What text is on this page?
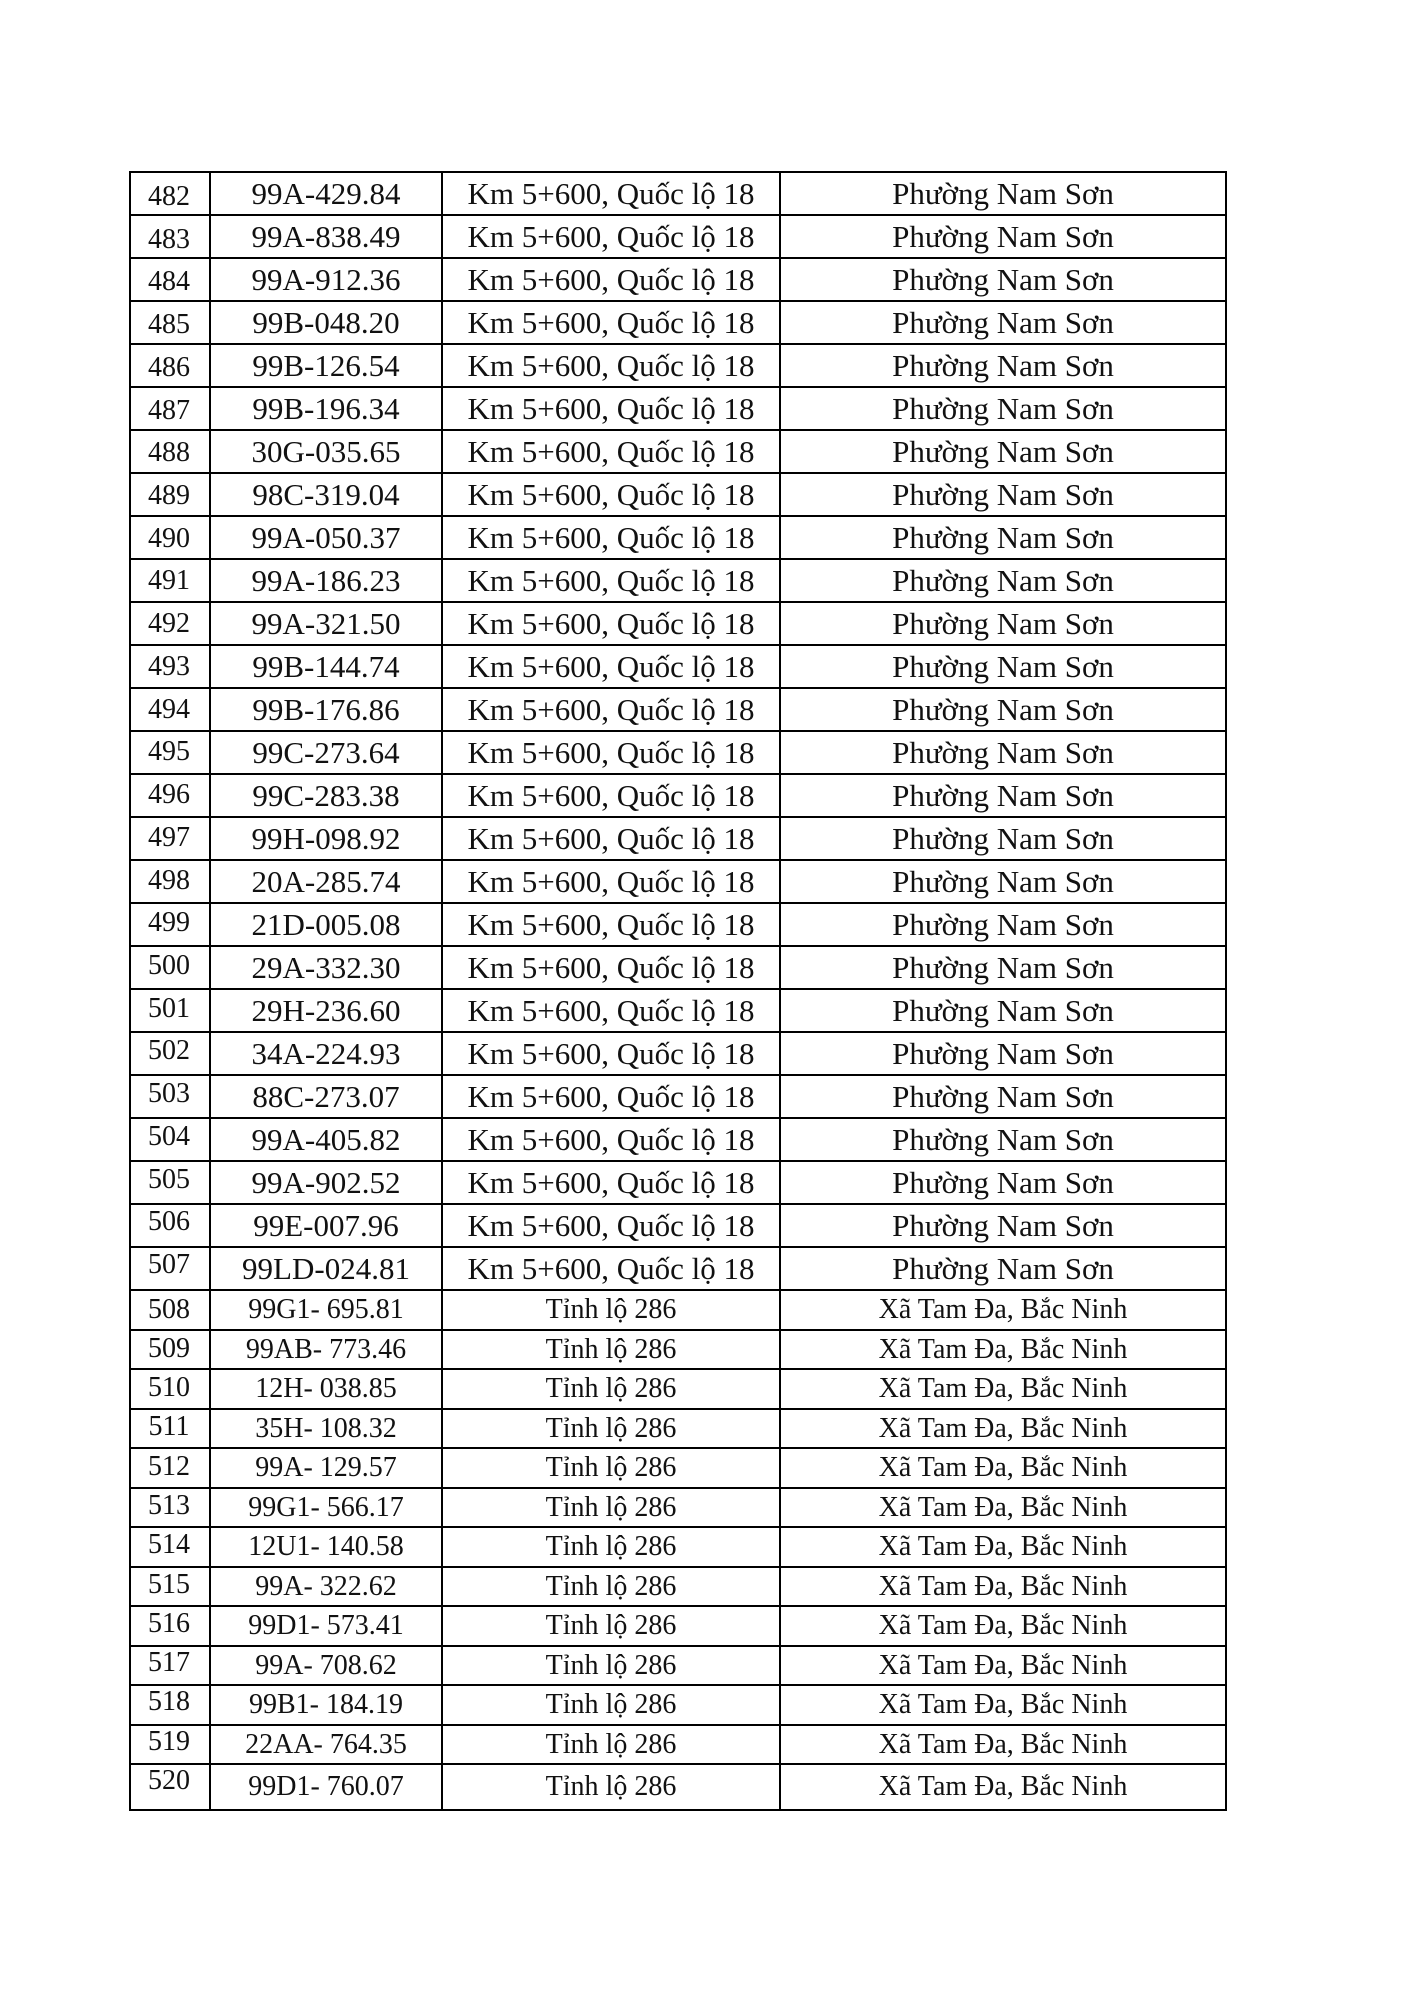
482	99A-429.84	Km 5+600, Quốc lộ 18	Phường Nam Sơn
483	99A-838.49	Km 5+600, Quốc lộ 18	Phường Nam Sơn
484	99A-912.36	Km 5+600, Quốc lộ 18	Phường Nam Sơn
485	99B-048.20	Km 5+600, Quốc lộ 18	Phường Nam Sơn
486	99B-126.54	Km 5+600, Quốc lộ 18	Phường Nam Sơn
487	99B-196.34	Km 5+600, Quốc lộ 18	Phường Nam Sơn
488	30G-035.65	Km 5+600, Quốc lộ 18	Phường Nam Sơn
489	98C-319.04	Km 5+600, Quốc lộ 18	Phường Nam Sơn
490	99A-050.37	Km 5+600, Quốc lộ 18	Phường Nam Sơn
491	99A-186.23	Km 5+600, Quốc lộ 18	Phường Nam Sơn
492	99A-321.50	Km 5+600, Quốc lộ 18	Phường Nam Sơn
493	99B-144.74	Km 5+600, Quốc lộ 18	Phường Nam Sơn
494	99B-176.86	Km 5+600, Quốc lộ 18	Phường Nam Sơn
495	99C-273.64	Km 5+600, Quốc lộ 18	Phường Nam Sơn
496	99C-283.38	Km 5+600, Quốc lộ 18	Phường Nam Sơn
497	99H-098.92	Km 5+600, Quốc lộ 18	Phường Nam Sơn
498	20A-285.74	Km 5+600, Quốc lộ 18	Phường Nam Sơn
499	21D-005.08	Km 5+600, Quốc lộ 18	Phường Nam Sơn
500	29A-332.30	Km 5+600, Quốc lộ 18	Phường Nam Sơn
501	29H-236.60	Km 5+600, Quốc lộ 18	Phường Nam Sơn
502	34A-224.93	Km 5+600, Quốc lộ 18	Phường Nam Sơn
503	88C-273.07	Km 5+600, Quốc lộ 18	Phường Nam Sơn
504	99A-405.82	Km 5+600, Quốc lộ 18	Phường Nam Sơn
505	99A-902.52	Km 5+600, Quốc lộ 18	Phường Nam Sơn
506	99E-007.96	Km 5+600, Quốc lộ 18	Phường Nam Sơn
507	99LD-024.81	Km 5+600, Quốc lộ 18	Phường Nam Sơn
508	99G1- 695.81	Tỉnh lộ 286	Xã Tam Đa, Bắc Ninh
509	99AB- 773.46	Tỉnh lộ 286	Xã Tam Đa, Bắc Ninh
510	12H- 038.85	Tỉnh lộ 286	Xã Tam Đa, Bắc Ninh
511	35H- 108.32	Tỉnh lộ 286	Xã Tam Đa, Bắc Ninh
512	99A- 129.57	Tỉnh lộ 286	Xã Tam Đa, Bắc Ninh
513	99G1- 566.17	Tỉnh lộ 286	Xã Tam Đa, Bắc Ninh
514	12U1- 140.58	Tỉnh lộ 286	Xã Tam Đa, Bắc Ninh
515	99A- 322.62	Tỉnh lộ 286	Xã Tam Đa, Bắc Ninh
516	99D1- 573.41	Tỉnh lộ 286	Xã Tam Đa, Bắc Ninh
517	99A- 708.62	Tỉnh lộ 286	Xã Tam Đa, Bắc Ninh
518	99B1- 184.19	Tỉnh lộ 286	Xã Tam Đa, Bắc Ninh
519	22AA- 764.35	Tỉnh lộ 286	Xã Tam Đa, Bắc Ninh
520	99D1- 760.07	Tỉnh lộ 286	Xã Tam Đa, Bắc Ninh
